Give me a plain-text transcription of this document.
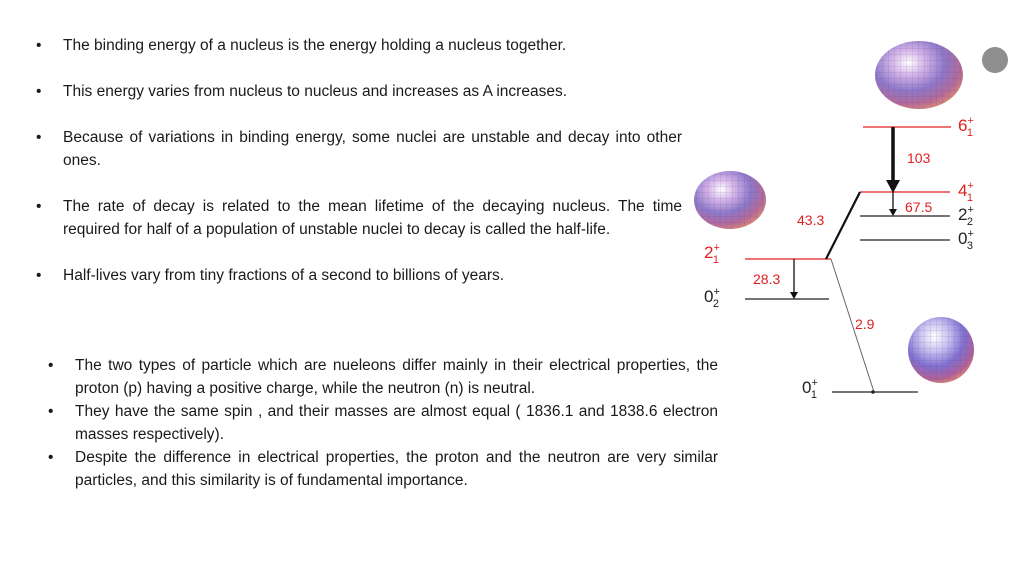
•	The binding energy of a nucleus is the energy holding a nucleus together.
•	This energy varies from nucleus to nucleus and increases as A increases.
•	Because of variations in binding energy, some nuclei are unstable and decay into other ones.
•	The rate of decay is related to the mean lifetime of the decaying nucleus. The time required for half of a population of unstable nuclei to decay is called the half-life.
•	Half-lives vary from tiny fractions of a second to billions of years.
•	The two types of particle which are nueleons differ mainly in their electrical properties, the proton (p) having a positive charge, while the neutron (n) is neutral.
•	They have the same spin , and their masses are almost equal ( 1836.1 and 1838.6 electron masses respectively).
•	Despite the difference in electrical properties, the proton and the neutron are very similar particles, and this similarity is of fundamental importance.
103
67.5
43.3
28.3
2.9
6+ 1
4+ 1
2+ 2
0+ 3
2+ 1
0+ 2
0+ 1
